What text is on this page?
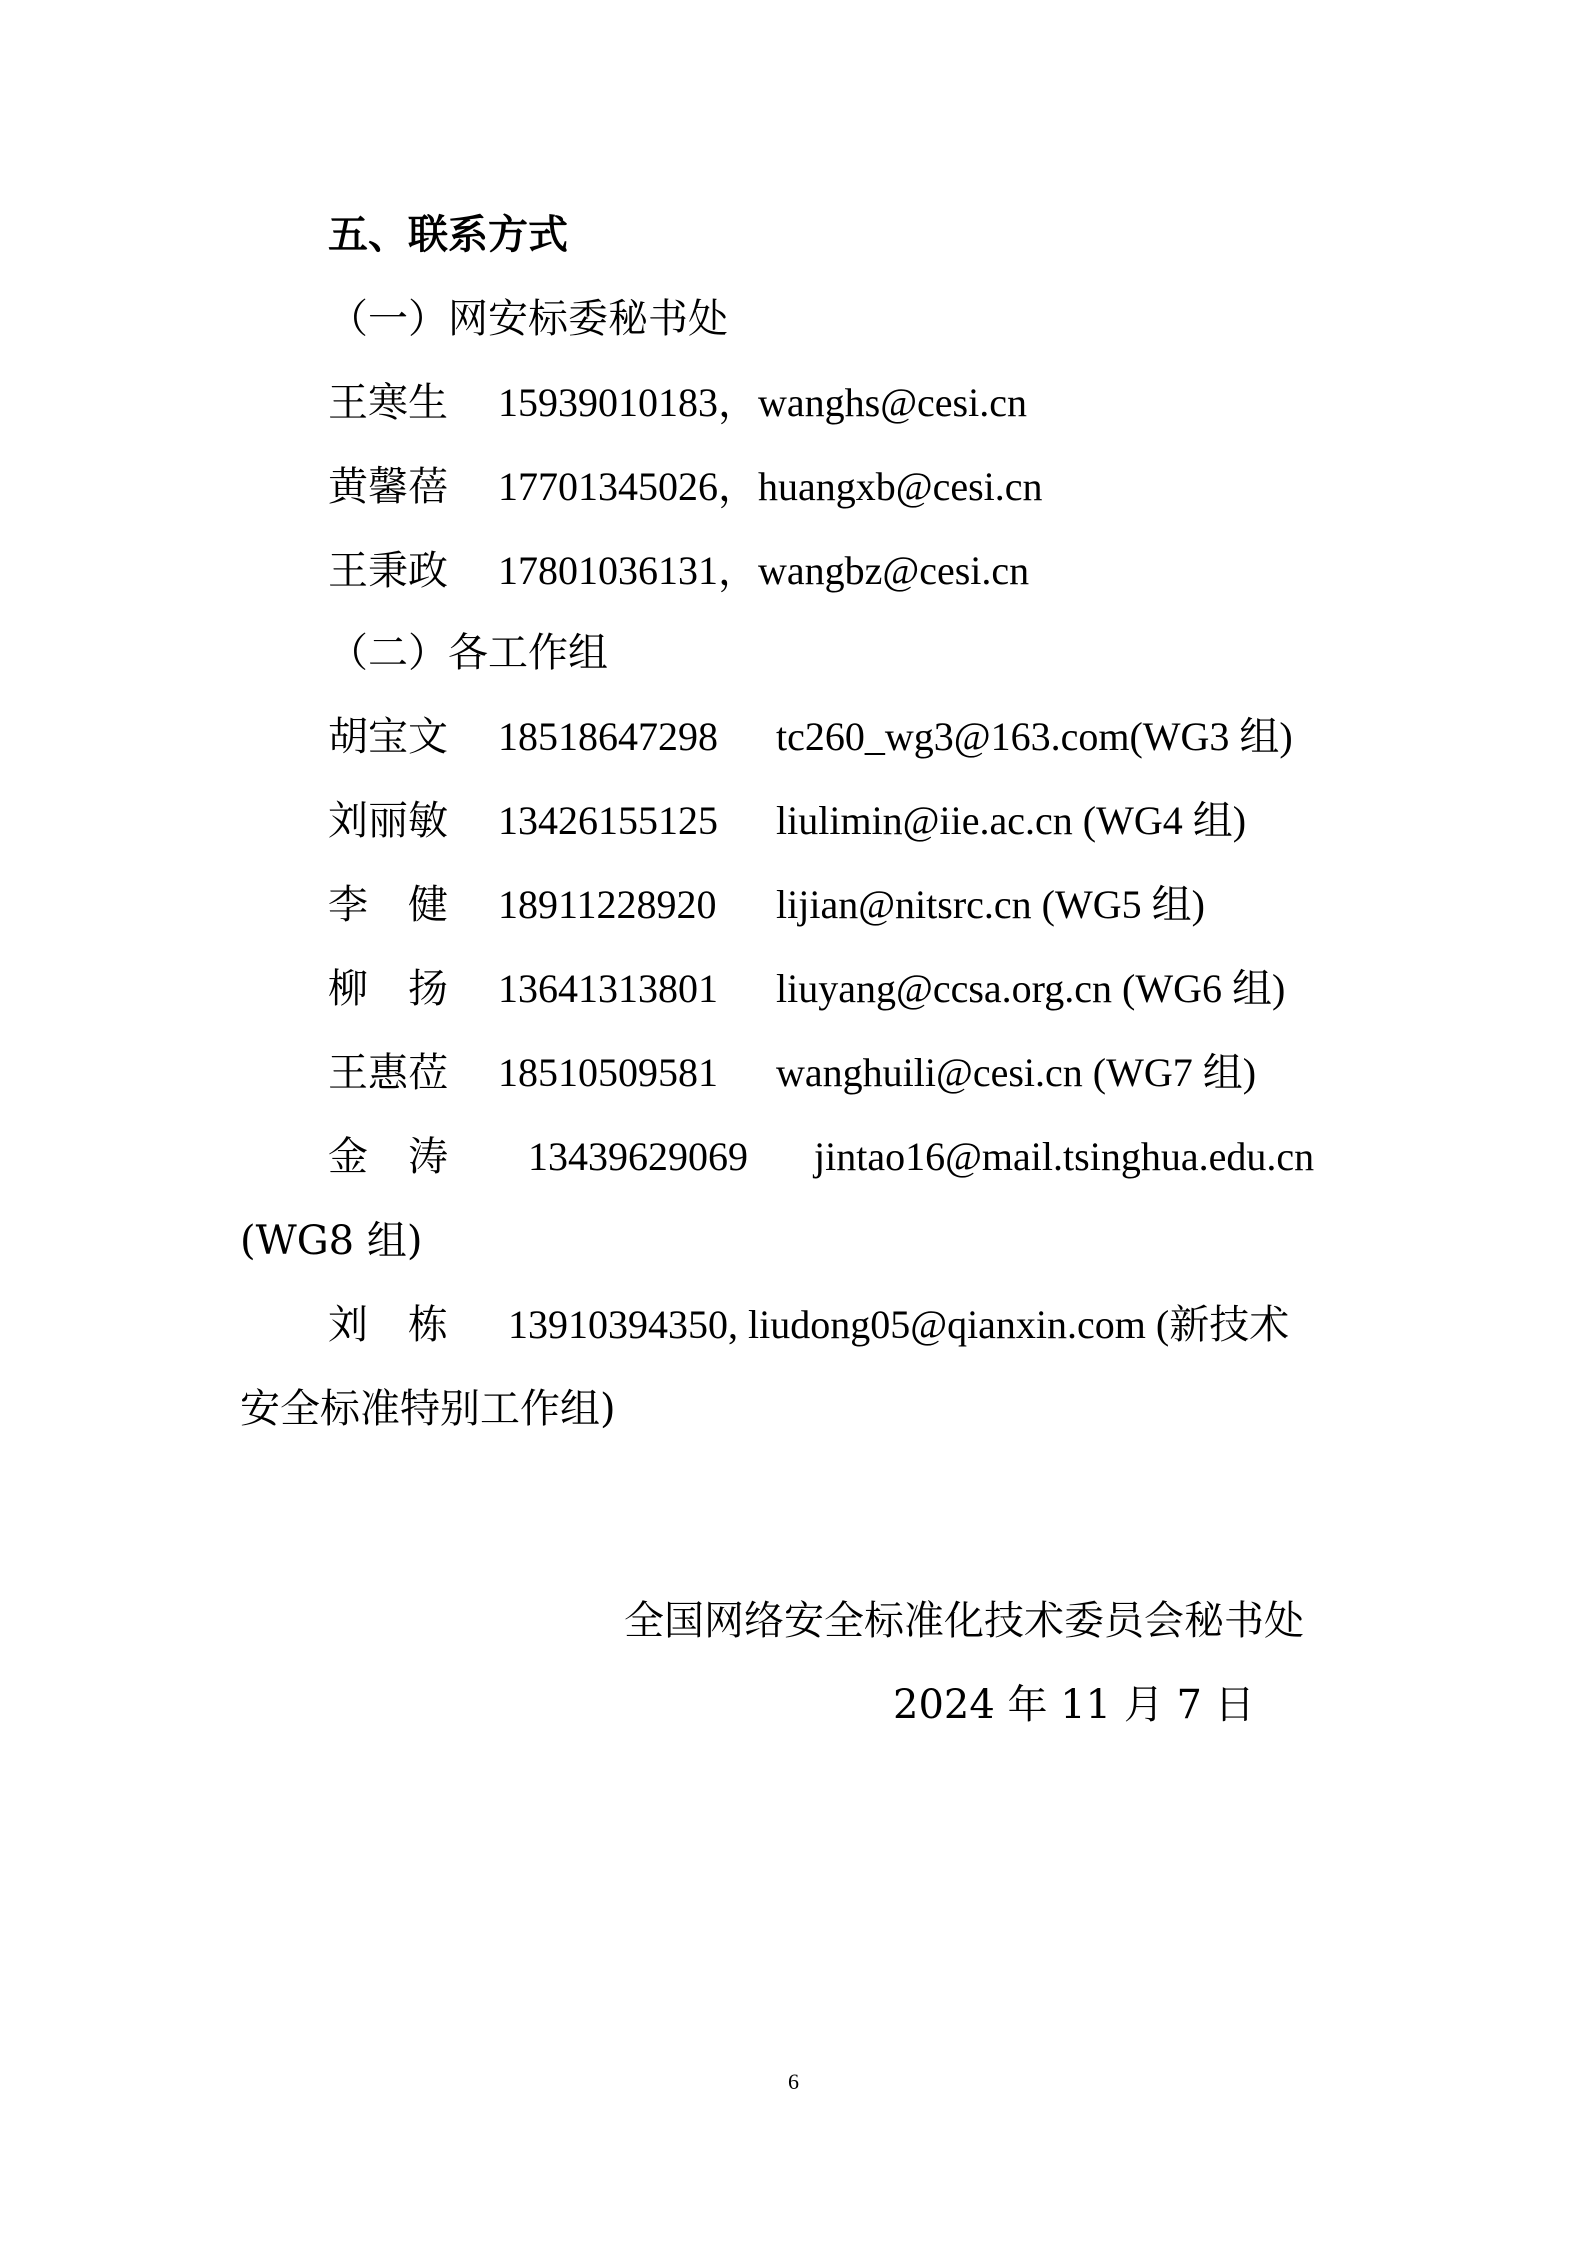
五、联系方式
（一）网安标委秘书处
王寒生 15939010183，wanghs@cesi.cn
黄馨蓓 17701345026，huangxb@cesi.cn
王秉政 17801036131，wangbz@cesi.cn
（二）各工作组
胡宝文 18518647298 tc260_wg3@163.com(WG3 组)
刘丽敏 13426155125 liulimin@iie.ac.cn (WG4 组)
李　健 18911228920 lijian@nitsrc.cn (WG5 组)
柳　扬 13641313801 liuyang@ccsa.org.cn (WG6 组)
王惠莅 18510509581 wanghuili@cesi.cn (WG7 组)
金　涛 13439629069 jintao16@mail.tsinghua.edu.cn
(WG8 组)
刘　栋 13910394350, liudong05@qianxin.com (新技术
安全标准特别工作组)
全国网络安全标准化技术委员会秘书处
2024 年 11 月 7 日
6
